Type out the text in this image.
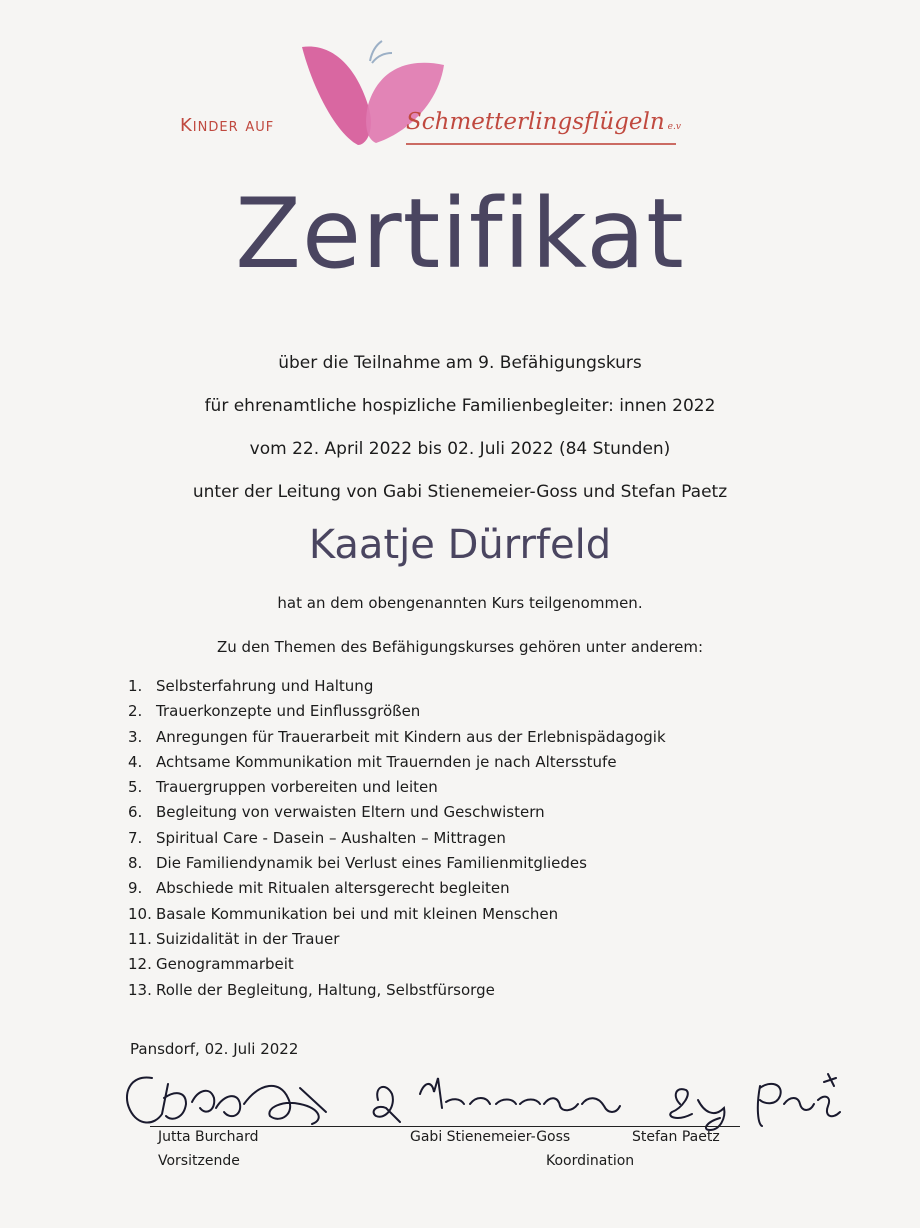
Kinder auf	Schmetterlingsflügeln e.v
Zertifikat

über die Teilnahme am 9. Befähigungskurs

für ehrenamtliche hospizliche Familienbegleiter: innen 2022

vom 22. April 2022 bis 02. Juli 2022 (84 Stunden)

unter der Leitung von Gabi Stienemeier-Goss und Stefan Paetz

Kaatje Dürrfeld
hat an dem obengenannten Kurs teilgenommen.
Zu den Themen des Befähigungskurses gehören unter anderem:
1. Selbsterfahrung und Haltung
2. Trauerkonzepte und Einflussgrößen
3. Anregungen für Trauerarbeit mit Kindern aus der Erlebnispädagogik
4. Achtsame Kommunikation mit Trauernden je nach Altersstufe
5. Trauergruppen vorbereiten und leiten
6. Begleitung von verwaisten Eltern und Geschwistern
7. Spiritual Care - Dasein – Aushalten – Mittragen
8. Die Familiendynamik bei Verlust eines Familienmitgliedes
9. Abschiede mit Ritualen altersgerecht begleiten
10. Basale Kommunikation bei und mit kleinen Menschen
11. Suizidalität in der Trauer
12. Genogrammarbeit
13. Rolle der Begleitung, Haltung, Selbstfürsorge
Pansdorf, 02. Juli 2022
Jutta Burchard
Vorsitzende
Gabi Stienemeier-Goss	Stefan Paetz
Koordination
